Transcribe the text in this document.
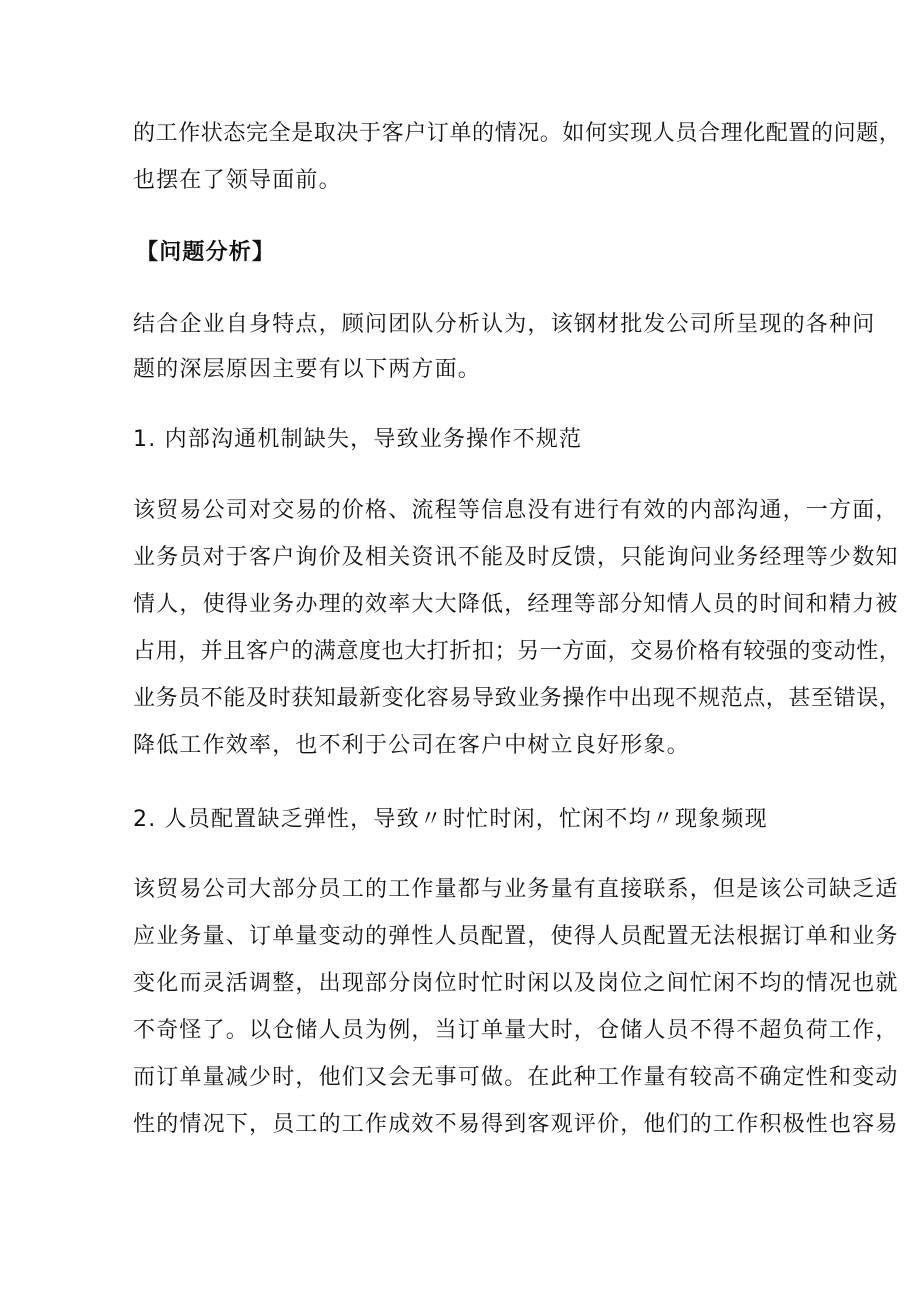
的工作状态完全是取决于客户订单的情况。如何实现人员合理化配置的问题，
也摆在了领导面前。
【问题分析】
结合企业自身特点，顾问团队分析认为，该钢材批发公司所呈现的各种问
题的深层原因主要有以下两方面。
1. 内部沟通机制缺失，导致业务操作不规范
该贸易公司对交易的价格、流程等信息没有进行有效的内部沟通，一方面，
业务员对于客户询价及相关资讯不能及时反馈，只能询问业务经理等少数知
情人，使得业务办理的效率大大降低，经理等部分知情人员的时间和精力被
占用，并且客户的满意度也大打折扣；另一方面，交易价格有较强的变动性，
业务员不能及时获知最新变化容易导致业务操作中出现不规范点，甚至错误，
降低工作效率，也不利于公司在客户中树立良好形象。
2. 人员配置缺乏弹性，导致〃时忙时闲，忙闲不均〃现象频现
该贸易公司大部分员工的工作量都与业务量有直接联系，但是该公司缺乏适
应业务量、订单量变动的弹性人员配置，使得人员配置无法根据订单和业务
变化而灵活调整，出现部分岗位时忙时闲以及岗位之间忙闲不均的情况也就
不奇怪了。以仓储人员为例，当订单量大时，仓储人员不得不超负荷工作，
而订单量减少时，他们又会无事可做。在此种工作量有较高不确定性和变动
性的情况下，员工的工作成效不易得到客观评价，他们的工作积极性也容易
